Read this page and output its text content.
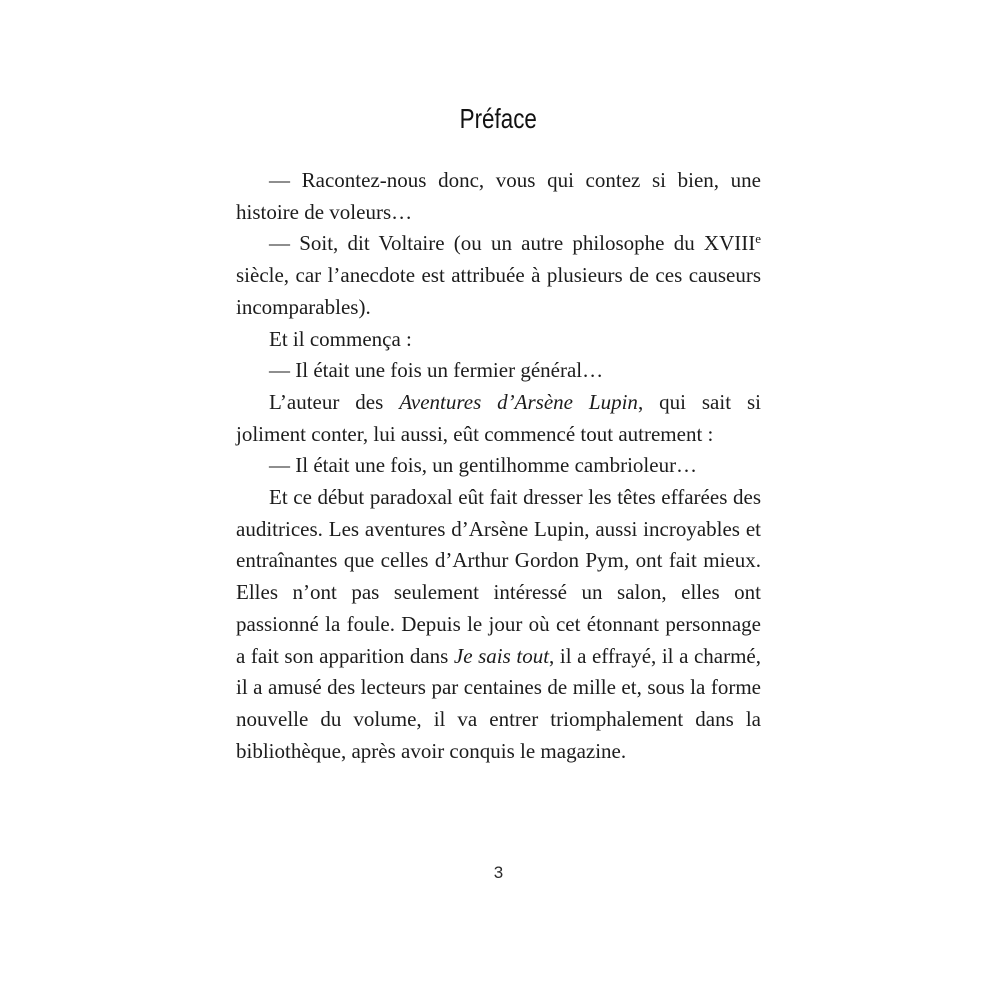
Préface

— Racontez-nous donc, vous qui contez si bien, une histoire de voleurs…

— Soit, dit Voltaire (ou un autre philosophe du XVIIIe siècle, car l’anecdote est attribuée à plusieurs de ces causeurs incomparables).

Et il commença :

— Il était une fois un fermier général…

L’auteur des Aventures d’Arsène Lupin, qui sait si joliment conter, lui aussi, eût commencé tout autrement :

— Il était une fois, un gentilhomme cambrioleur…

Et ce début paradoxal eût fait dresser les têtes effarées des auditrices. Les aventures d’Arsène Lupin, aussi incroyables et entraînantes que celles d’Arthur Gordon Pym, ont fait mieux. Elles n’ont pas seulement intéressé un salon, elles ont passionné la foule. Depuis le jour où cet étonnant personnage a fait son apparition dans Je sais tout, il a effrayé, il a charmé, il a amusé des lecteurs par centaines de mille et, sous la forme nouvelle du volume, il va entrer triomphalement dans la bibliothèque, après avoir conquis le magazine.

3
